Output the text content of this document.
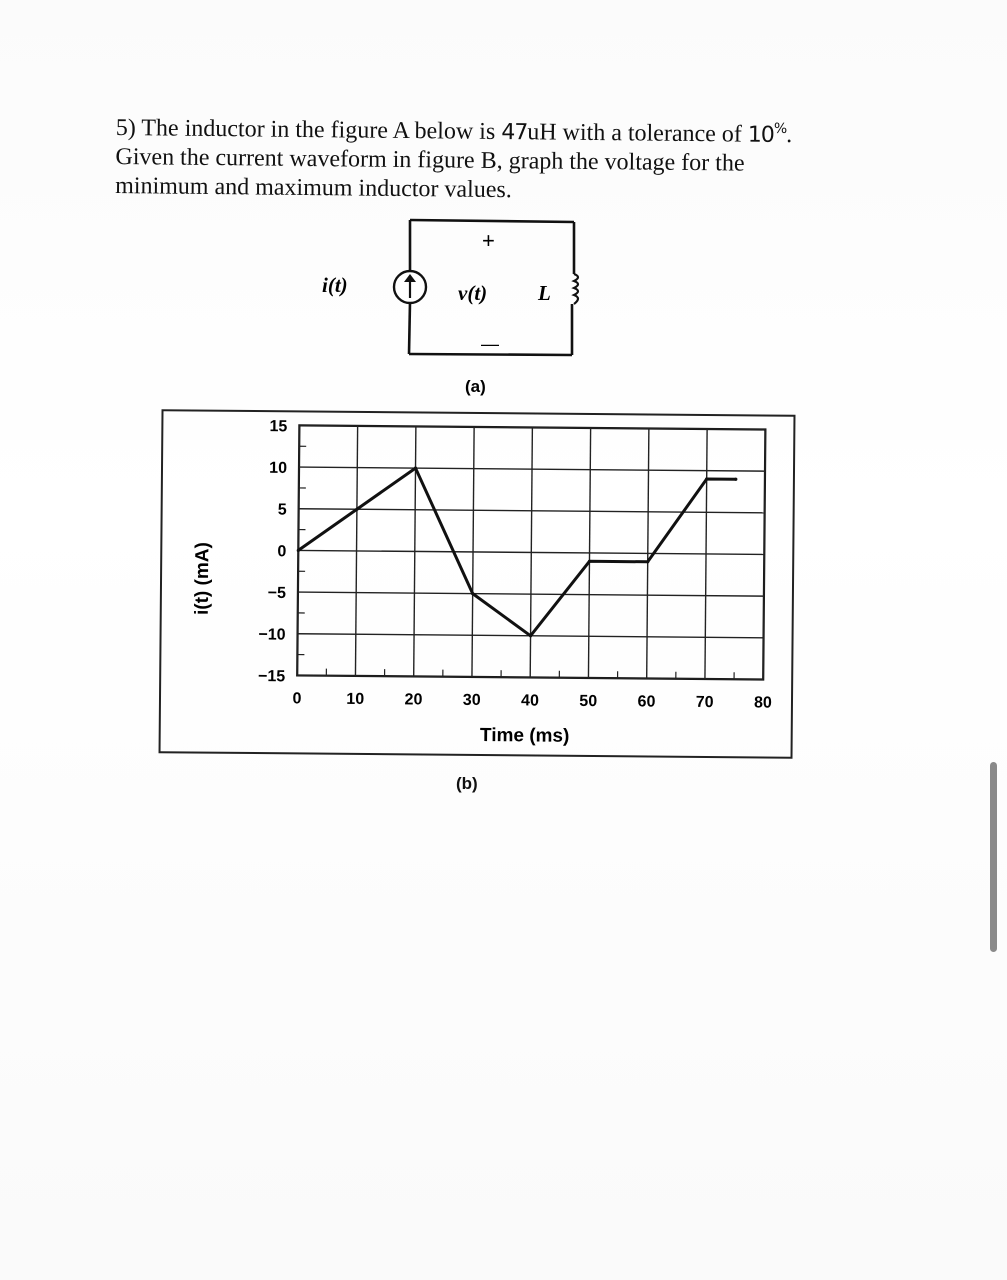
5) The inductor in the figure A below is 47uH with a tolerance of 10%.
Given the current waveform in figure B, graph the voltage for the
minimum and maximum inductor values.
i(t)	v(t) L
+
—
(a)
15
10
5
0
−5
−10
−15
0	10	20	30	40	50	60	70	80
i(t) (mA)
Time (ms)
(b)
